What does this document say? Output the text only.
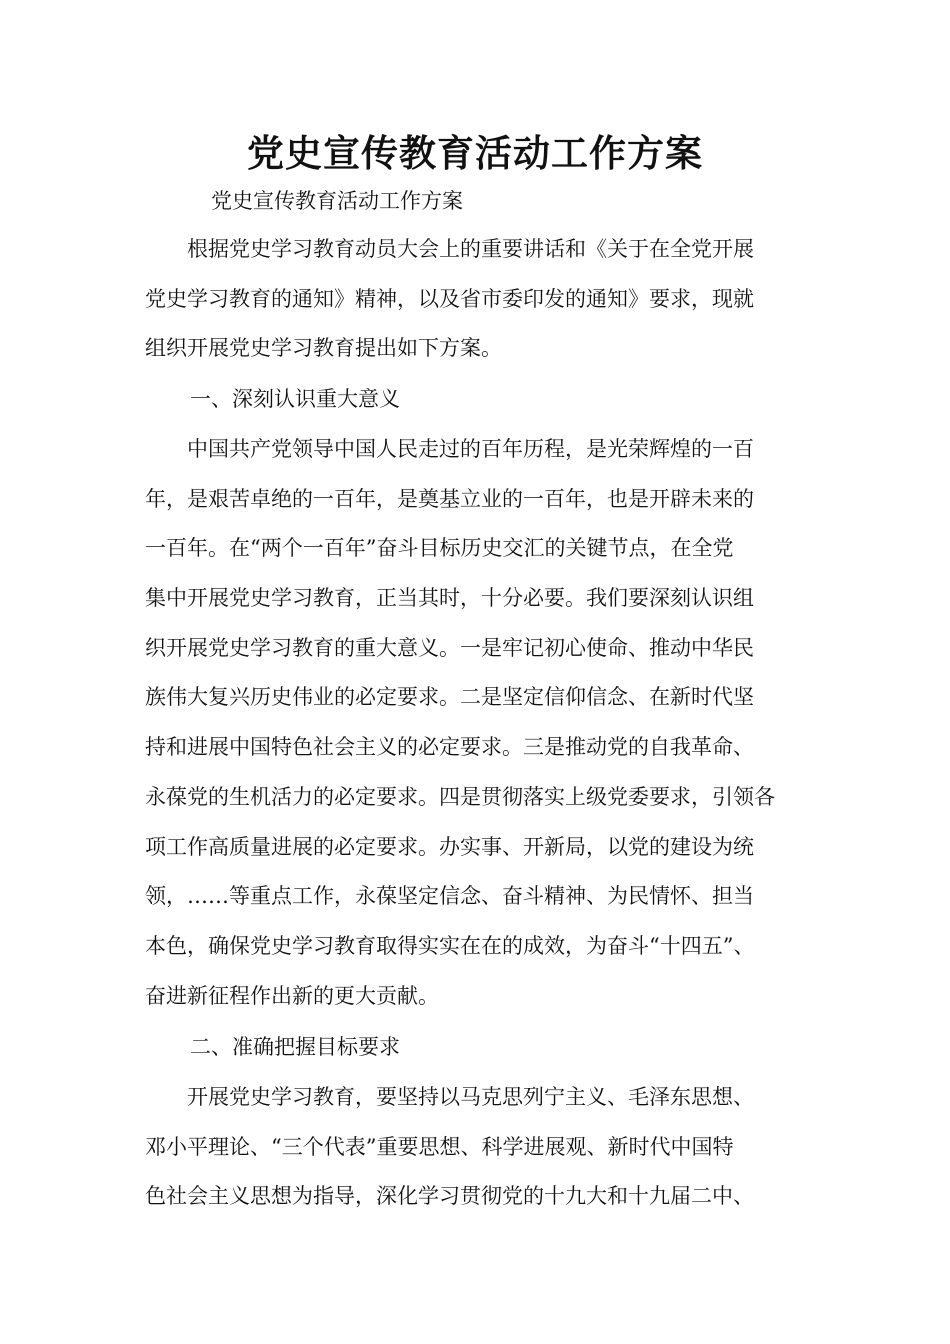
党史宣传教育活动工作方案
党史宣传教育活动工作方案
　　根据党史学习教育动员大会上的重要讲话和《关于在全党开展
党史学习教育的通知》精神，以及省市委印发的通知》要求，现就
组织开展党史学习教育提出如下方案。
一、深刻认识重大意义
　　中国共产党领导中国人民走过的百年历程，是光荣辉煌的一百
年，是艰苦卓绝的一百年，是奠基立业的一百年，也是开辟未来的
一百年。在“两个一百年”奋斗目标历史交汇的关键节点，在全党
集中开展党史学习教育，正当其时，十分必要。我们要深刻认识组
织开展党史学习教育的重大意义。一是牢记初心使命、推动中华民
族伟大复兴历史伟业的必定要求。二是坚定信仰信念、在新时代坚
持和进展中国特色社会主义的必定要求。三是推动党的自我革命、
永葆党的生机活力的必定要求。四是贯彻落实上级党委要求，引领各
项工作高质量进展的必定要求。办实事、开新局，以党的建设为统
领，……等重点工作，永葆坚定信念、奋斗精神、为民情怀、担当
本色，确保党史学习教育取得实实在在的成效，为奋斗“十四五”、
奋进新征程作出新的更大贡献。
二、准确把握目标要求
　　开展党史学习教育，要坚持以马克思列宁主义、毛泽东思想、
邓小平理论、“三个代表”重要思想、科学进展观、新时代中国特
色社会主义思想为指导，深化学习贯彻党的十九大和十九届二中、
